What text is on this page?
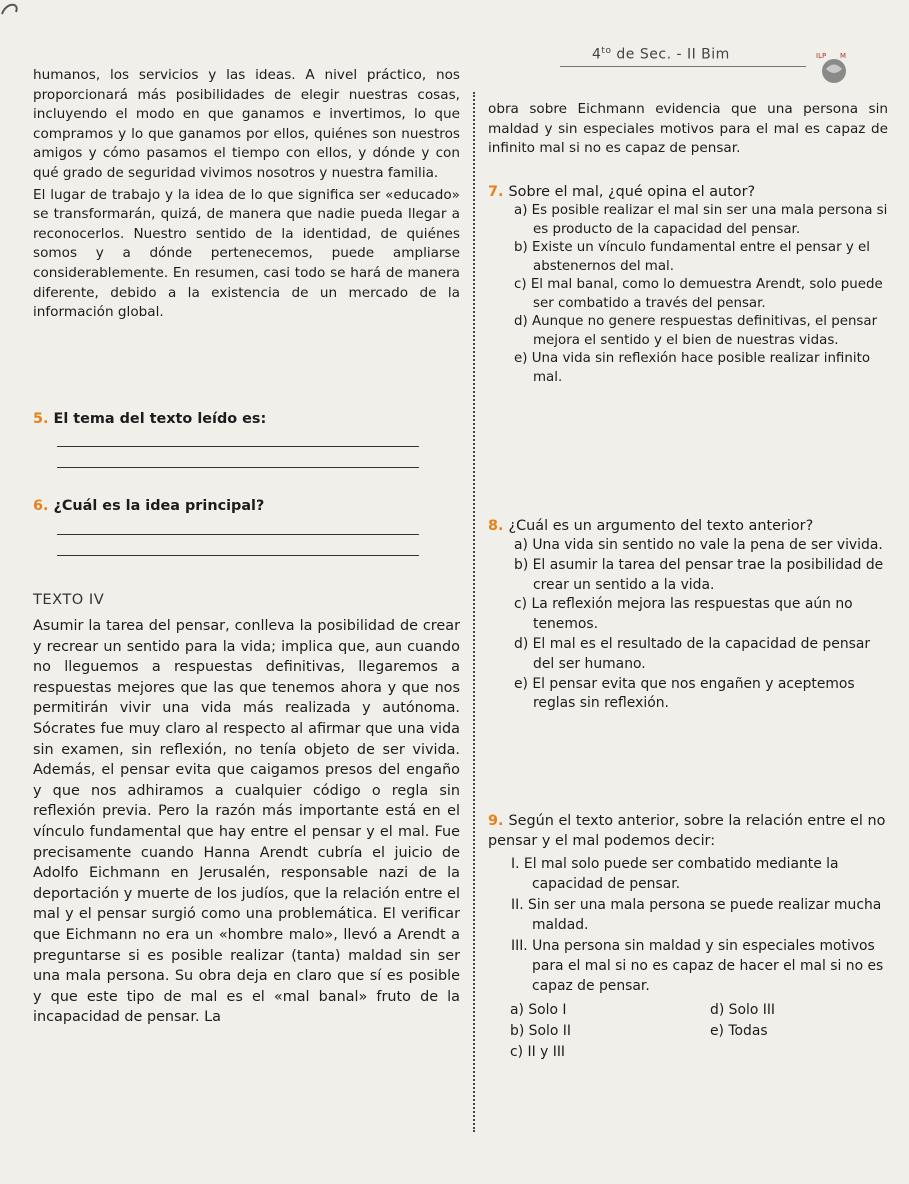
$4^{to}$ de Sec. - II Bim	ILP M

humanos, los servicios y las ideas. A nivel práctico, nos proporcionará más posibilidades de elegir nuestras cosas, incluyendo el modo en que ganamos e invertimos, lo que compramos y lo que ganamos por ellos, quiénes son nuestros amigos y cómo pasamos el tiempo con ellos, y dónde y con qué grado de seguridad vivimos nosotros y nuestra familia.

El lugar de trabajo y la idea de lo que significa ser «educado» se transformarán, quizá, de manera que nadie pueda llegar a reconocerlos. Nuestro sentido de la identidad, de quiénes somos y a dónde pertenecemos, puede ampliarse considerablemente. En resumen, casi todo se hará de manera diferente, debido a la existencia de un mercado de la información global.

5. El tema del texto leído es:

6. ¿Cuál es la idea principal?

TEXTO IV

Asumir la tarea del pensar, conlleva la posibilidad de crear y recrear un sentido para la vida; implica que, aun cuando no lleguemos a respuestas definitivas, llegaremos a respuestas mejores que las que tenemos ahora y que nos permitirán vivir una vida más realizada y autónoma. Sócrates fue muy claro al respecto al afirmar que una vida sin examen, sin reflexión, no tenía objeto de ser vivida. Además, el pensar evita que caigamos presos del engaño y que nos adhiramos a cualquier código o regla sin reflexión previa. Pero la razón más importante está en el vínculo fundamental que hay entre el pensar y el mal. Fue precisamente cuando Hanna Arendt cubría el juicio de Adolfo Eichmann en Jerusalén, responsable nazi de la deportación y muerte de los judíos, que la relación entre el mal y el pensar surgió como una problemática. El verificar que Eichmann no era un «hombre malo», llevó a Arendt a preguntarse si es posible realizar (tanta) maldad sin ser una mala persona. Su obra deja en claro que sí es posible y que este tipo de mal es el «mal banal» fruto de la incapacidad de pensar. La

obra sobre Eichmann evidencia que una persona sin maldad y sin especiales motivos para el mal es capaz de infinito mal si no es capaz de pensar.

7. Sobre el mal, ¿qué opina el autor?

a) Es posible realizar el mal sin ser una mala persona si es producto de la capacidad del pensar.

b) Existe un vínculo fundamental entre el pensar y el abstenernos del mal.

c) El mal banal, como lo demuestra Arendt, solo puede ser combatido a través del pensar.

d) Aunque no genere respuestas definitivas, el pensar mejora el sentido y el bien de nuestras vidas.

e) Una vida sin reflexión hace posible realizar infinito mal.

8. ¿Cuál es un argumento del texto anterior?

a) Una vida sin sentido no vale la pena de ser vivida.

b) El asumir la tarea del pensar trae la posibilidad de crear un sentido a la vida.

c) La reflexión mejora las respuestas que aún no tenemos.

d) El mal es el resultado de la capacidad de pensar del ser humano.

e) El pensar evita que nos engañen y aceptemos reglas sin reflexión.

9. Según el texto anterior, sobre la relación entre el no pensar y el mal podemos decir:

I. El mal solo puede ser combatido mediante la capacidad de pensar.

II. Sin ser una mala persona se puede realizar mucha maldad.

III. Una persona sin maldad y sin especiales motivos para el mal si no es capaz de hacer el mal si no es capaz de pensar.

a) Solo I	d) Solo III
b) Solo II	e) Todas
c) II y III
